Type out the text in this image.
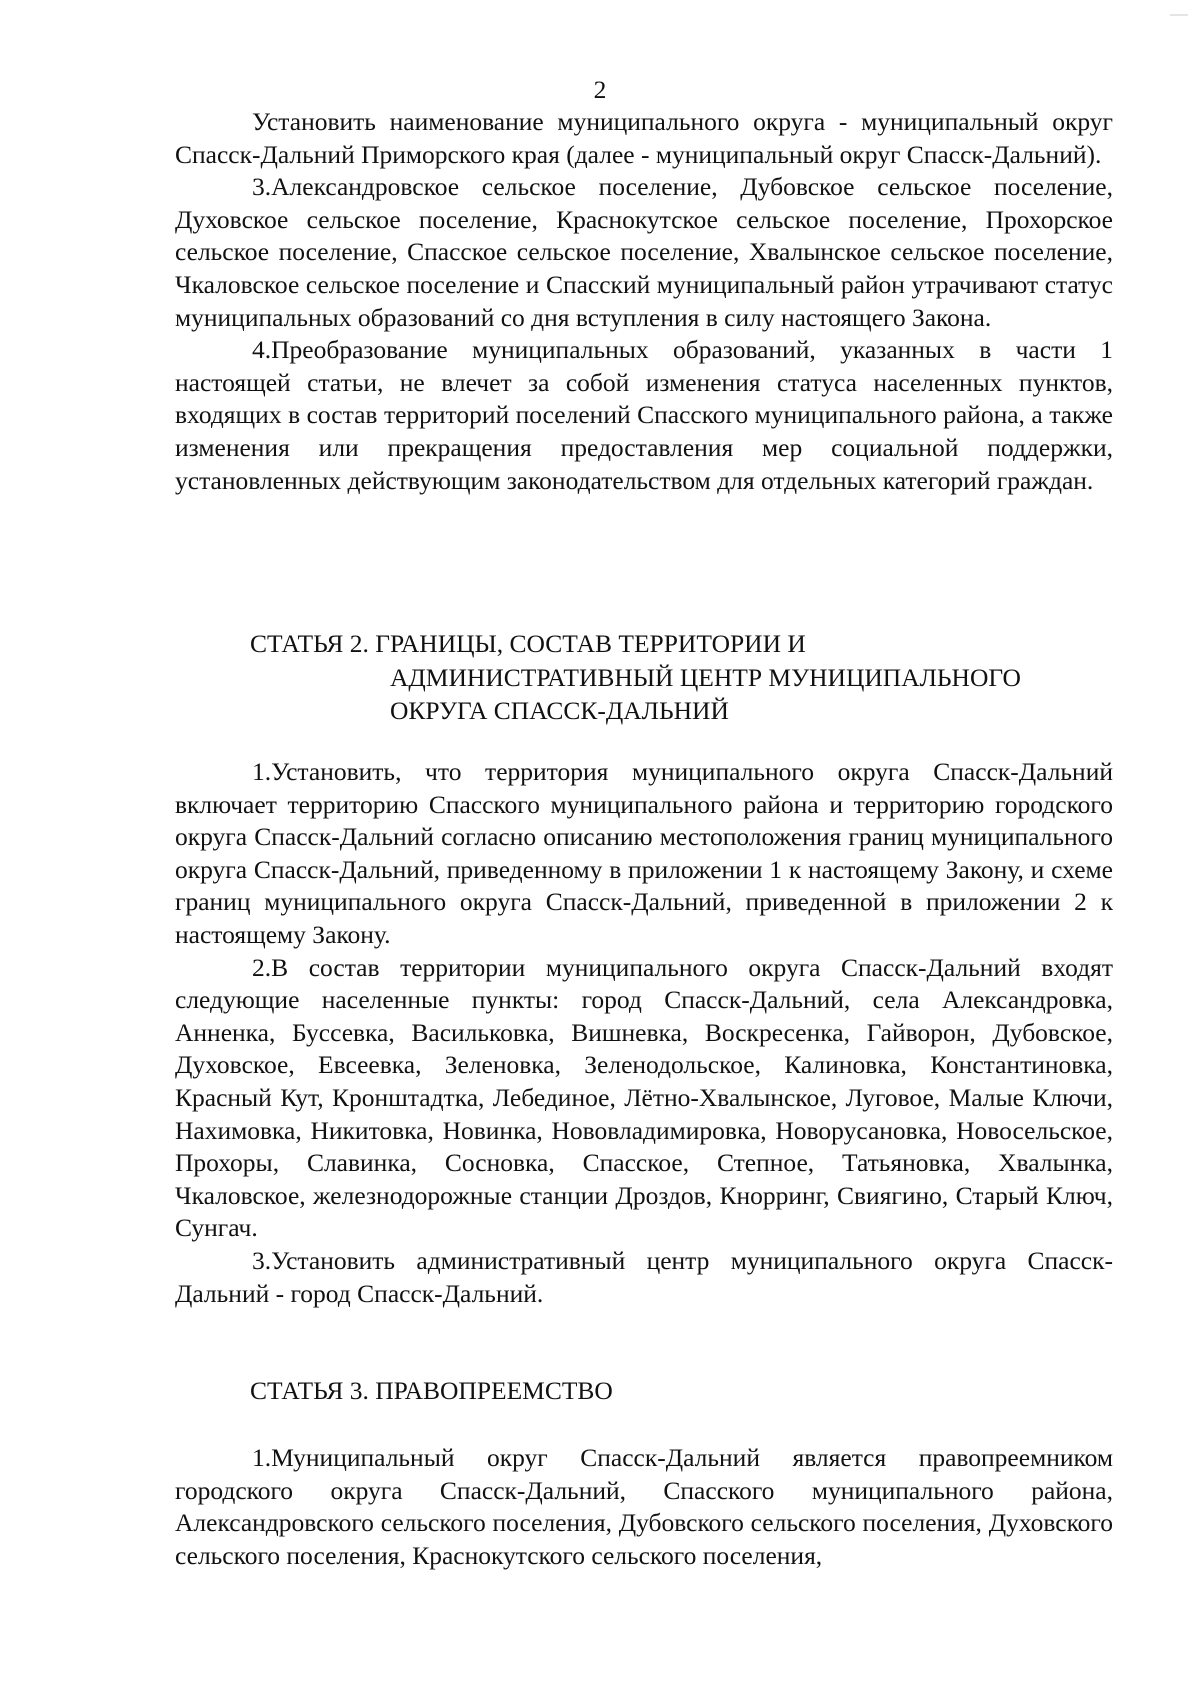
2

Установить наименование муниципального округа - муниципальный округ Спасск-Дальний Приморского края (далее - муниципальный округ Спасск-Дальний).

3.Александровское сельское поселение, Дубовское сельское поселение, Духовское сельское поселение, Краснокутское сельское поселение, Прохорское сельское поселение, Спасское сельское поселение, Хвалынское сельское поселение, Чкаловское сельское поселение и Спасский муниципальный район утрачивают статус муниципальных образований со дня вступления в силу настоящего Закона.

4.Преобразование муниципальных образований, указанных в части 1 настоящей статьи, не влечет за собой изменения статуса населенных пунктов, входящих в состав территорий поселений Спасского муниципального района, а также изменения или прекращения предоставления мер социальной поддержки, установленных действующим законодательством для отдельных категорий граждан.

СТАТЬЯ 2. ГРАНИЦЫ, СОСТАВ ТЕРРИТОРИИ И
АДМИНИСТРАТИВНЫЙ ЦЕНТР МУНИЦИПАЛЬНОГО
ОКРУГА СПАССК-ДАЛЬНИЙ

1.Установить, что территория муниципального округа Спасск-Дальний включает территорию Спасского муниципального района и территорию городского округа Спасск-Дальний согласно описанию местоположения границ муниципального округа Спасск-Дальний, приведенному в приложении 1 к настоящему Закону, и схеме границ муниципального округа Спасск-Дальний, приведенной в приложении 2 к настоящему Закону.

2.В состав территории муниципального округа Спасск-Дальний входят следующие населенные пункты: город Спасск-Дальний, села Александровка, Анненка, Буссевка, Васильковка, Вишневка, Воскресенка, Гайворон, Дубовское, Духовское, Евсеевка, Зеленовка, Зеленодольское, Калиновка, Константиновка, Красный Кут, Кронштадтка, Лебединое, Лётно-Хвалынское, Луговое, Малые Ключи, Нахимовка, Никитовка, Новинка, Нововладимировка, Новорусановка, Новосельское, Прохоры, Славинка, Сосновка, Спасское, Степное, Татьяновка, Хвалынка, Чкаловское, железнодорожные станции Дроздов, Кнорринг, Свиягино, Старый Ключ, Сунгач.

3.Установить административный центр муниципального округа Спасск-Дальний - город Спасск-Дальний.

СТАТЬЯ 3. ПРАВОПРЕЕМСТВО

1.Муниципальный округ Спасск-Дальний является правопреемником городского округа Спасск-Дальний, Спасского муниципального района, Александровского сельского поселения, Дубовского сельского поселения, Духовского сельского поселения, Краснокутского сельского поселения,
